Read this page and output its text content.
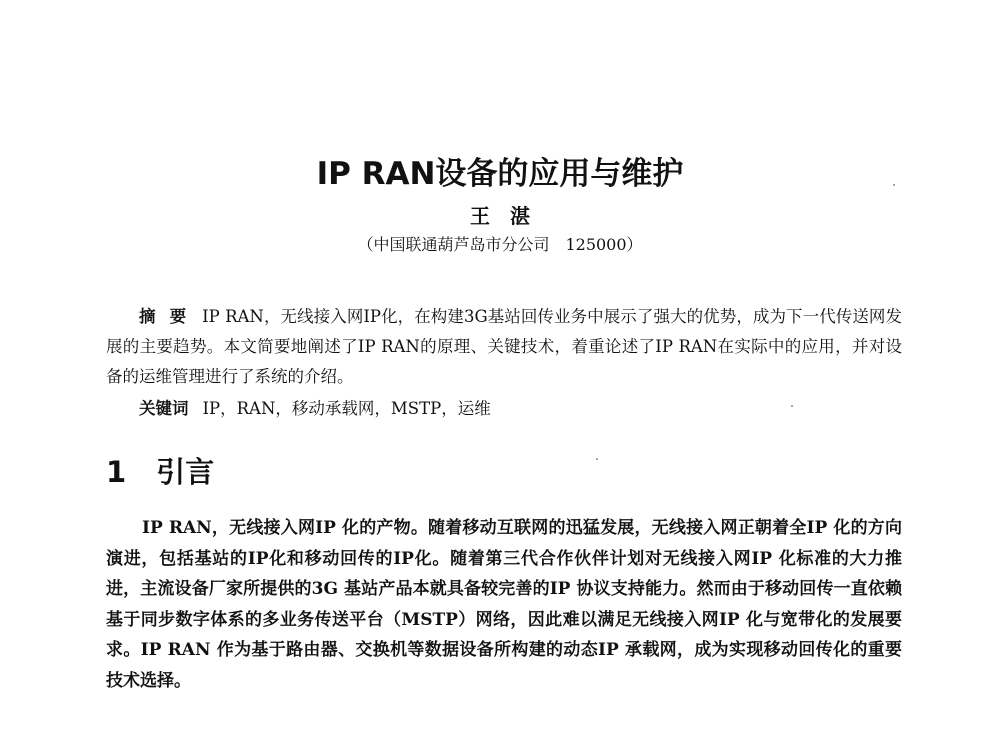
IP RAN设备的应用与维护

王湛

（中国联通葫芦岛市分公司　125000）

摘要 IP RAN，无线接入网IP化，在构建3G基站回传业务中展示了强大的优势，成为下一代传送网发展的主要趋势。本文简要地阐述了IP RAN的原理、关键技术，着重论述了IP RAN在实际中的应用，并对设备的运维管理进行了系统的介绍。

关键词 IP，RAN，移动承载网，MSTP，运维

1 引言

IP RAN，无线接入网IP 化的产物。随着移动互联网的迅猛发展，无线接入网正朝着全IP 化的方向演进，包括基站的IP化和移动回传的IP化。随着第三代合作伙伴计划对无线接入网IP 化标准的大力推进，主流设备厂家所提供的3G 基站产品本就具备较完善的IP 协议支持能力。然而由于移动回传一直依赖基于同步数字体系的多业务传送平台（MSTP）网络，因此难以满足无线接入网IP 化与宽带化的发展要求。IP RAN 作为基于路由器、交换机等数据设备所构建的动态IP 承载网，成为实现移动回传化的重要技术选择。
